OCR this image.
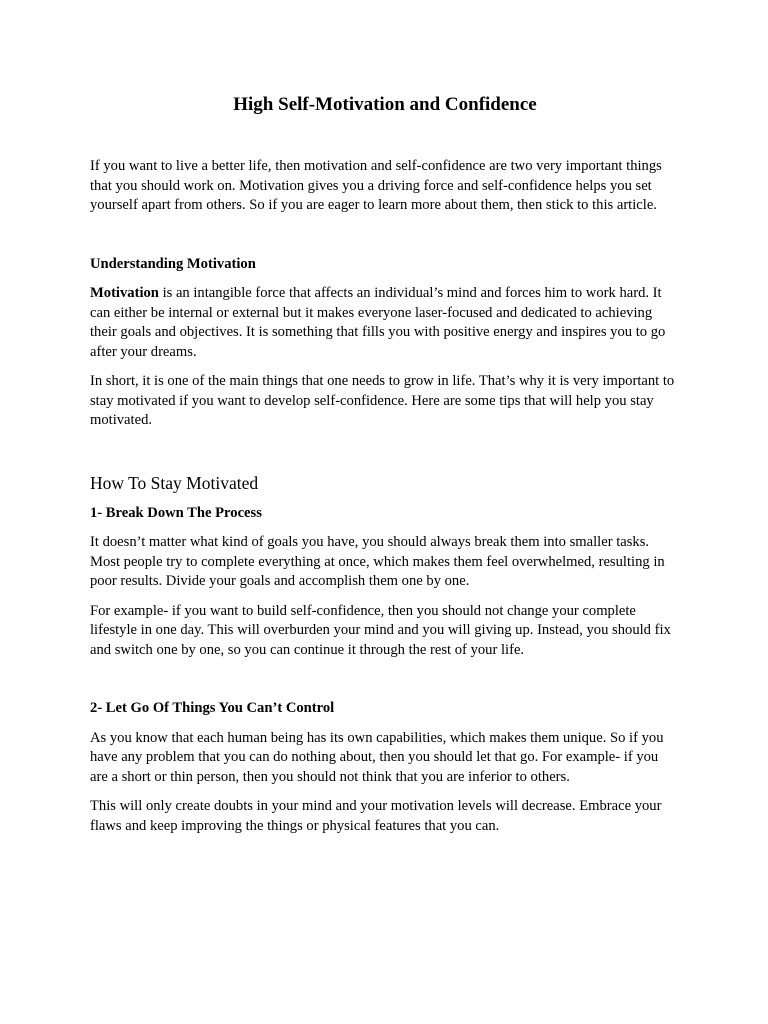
High Self-Motivation and Confidence

If you want to live a better life, then motivation and self-confidence are two very important things that you should work on. Motivation gives you a driving force and self-confidence helps you set yourself apart from others. So if you are eager to learn more about them, then stick to this article.

Understanding Motivation

Motivation is an intangible force that affects an individual’s mind and forces him to work hard. It can either be internal or external but it makes everyone laser-focused and dedicated to achieving their goals and objectives. It is something that fills you with positive energy and inspires you to go after your dreams.

In short, it is one of the main things that one needs to grow in life. That’s why it is very important to stay motivated if you want to develop self-confidence. Here are some tips that will help you stay motivated.

How To Stay Motivated

1- Break Down The Process

It doesn’t matter what kind of goals you have, you should always break them into smaller tasks. Most people try to complete everything at once, which makes them feel overwhelmed, resulting in poor results. Divide your goals and accomplish them one by one.

For example- if you want to build self-confidence, then you should not change your complete lifestyle in one day. This will overburden your mind and you will giving up. Instead, you should fix and switch one by one, so you can continue it through the rest of your life.

2- Let Go Of Things You Can’t Control

As you know that each human being has its own capabilities, which makes them unique. So if you have any problem that you can do nothing about, then you should let that go. For example- if you are a short or thin person, then you should not think that you are inferior to others.

This will only create doubts in your mind and your motivation levels will decrease. Embrace your flaws and keep improving the things or physical features that you can.
